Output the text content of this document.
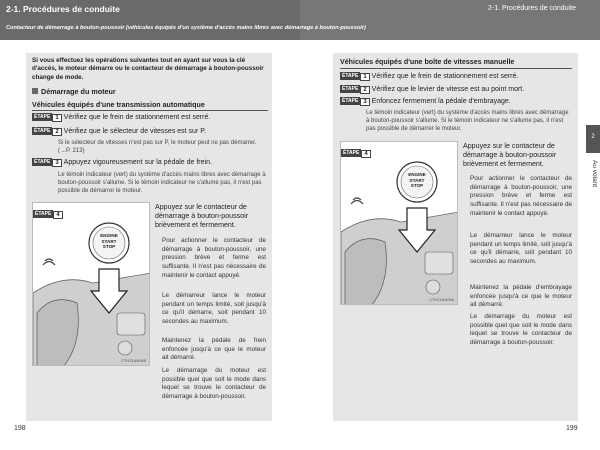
2-1. Procédures de conduite
Contacteur de démarrage à bouton-poussoir (véhicules équipés d'un système d'accès mains libres avec démarrage à bouton-poussoir)
2-1. Procédures de conduite
2
Au volant
Si vous effectuez les opérations suivantes tout en ayant sur vous la clé d'accès, le moteur démarre ou le contacteur de démarrage à bouton-poussoir change de mode.
Démarrage du moteur
Véhicules équipés d'une transmission automatique
ÉTAPE 1 Vérifiez que le frein de stationnement est serré.
ÉTAPE 2 Vérifiez que le sélecteur de vitesses est sur P.
Si le sélecteur de vitesses n'est pas sur P, le moteur peut ne pas démarrer. (→P. 213)
ÉTAPE 3 Appuyez vigoureusement sur la pédale de frein.
Le témoin indicateur (vert) du système d'accès mains libres avec démarrage à bouton-poussoir s'allume. Si le témoin indicateur ne s'allume pas, il n'est pas possible de démarrer le moteur.
ÉTAPE 4
ENGINE
START
STOP
CTH21AN065
Appuyez sur le contacteur de démarrage à bouton-poussoir brièvement et fermement.
Pour actionner le contacteur de démarrage à bouton-poussoir, une pression brève et ferme est suffisante. Il n'est pas nécessaire de maintenir le contact appuyé.
Le démarreur lance le moteur pendant un temps limité, soit jusqu'à ce qu'il démarre, soit pendant 10 secondes au maximum.
Maintenez la pédale de frein enfoncée jusqu'à ce que le moteur ait démarré.
Le démarrage du moteur est possible quel que soit le mode dans lequel se trouve le contacteur de démarrage à bouton-poussoir.
198
Véhicules équipés d'une boîte de vitesses manuelle
ÉTAPE 1 Vérifiez que le frein de stationnement est serré.
ÉTAPE 2 Vérifiez que le levier de vitesse est au point mort.
ÉTAPE 3 Enfoncez fermement la pédale d'embrayage.
Le témoin indicateur (vert) du système d'accès mains libres avec démarrage à bouton-poussoir s'allume. Si le témoin indicateur ne s'allume pas, il n'est pas possible de démarrer le moteur.
ÉTAPE 4
ENGINE
START
STOP
CTH21AN066
Appuyez sur le contacteur de démarrage à bouton-poussoir brièvement et fermement.
Pour actionner le contacteur de démarrage à bouton-poussoir, une pression brève et ferme est suffisante. Il n'est pas nécessaire de maintenir le contact appuyé.
Le démarreur lance le moteur pendant un temps limité, soit jusqu'à ce qu'il démarre, soit pendant 10 secondes au maximum.
Maintenez la pédale d'embrayage enfoncée jusqu'à ce que le moteur ait démarré.
Le démarrage du moteur est possible quel que soit le mode dans lequel se trouve le contacteur de démarrage à bouton-poussoir.
199
